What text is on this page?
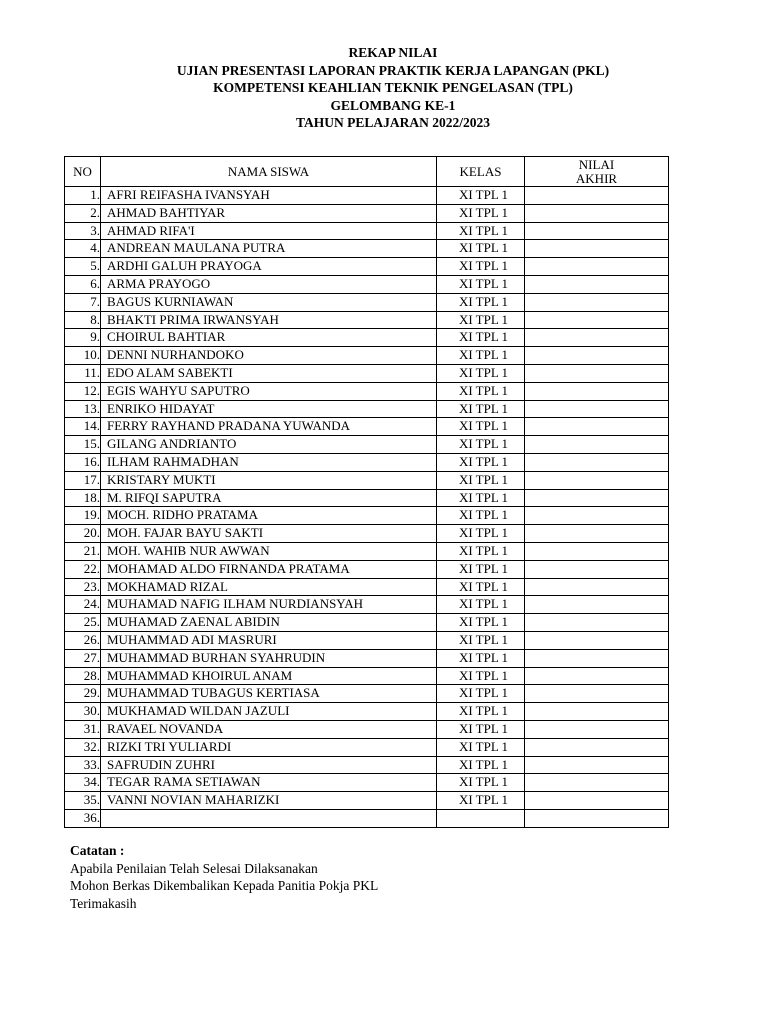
REKAP NILAI
UJIAN PRESENTASI LAPORAN PRAKTIK KERJA LAPANGAN (PKL)
KOMPETENSI KEAHLIAN TEKNIK PENGELASAN (TPL)
GELOMBANG KE-1
TAHUN PELAJARAN 2022/2023
NO	NAMA SISWA	KELAS	NILAI
AKHIR

1.	AFRI REIFASHA IVANSYAH	XI TPL 1	
2.	AHMAD BAHTIYAR	XI TPL 1	
3.	AHMAD RIFA'I	XI TPL 1	
4.	ANDREAN MAULANA PUTRA	XI TPL 1	
5.	ARDHI GALUH PRAYOGA	XI TPL 1	
6.	ARMA PRAYOGO	XI TPL 1	
7.	BAGUS KURNIAWAN	XI TPL 1	
8.	BHAKTI PRIMA IRWANSYAH	XI TPL 1	
9.	CHOIRUL BAHTIAR	XI TPL 1	
10.	DENNI NURHANDOKO	XI TPL 1	
11.	EDO ALAM SABEKTI	XI TPL 1	
12.	EGIS WAHYU SAPUTRO	XI TPL 1	
13.	ENRIKO HIDAYAT	XI TPL 1	
14.	FERRY RAYHAND PRADANA YUWANDA	XI TPL 1	
15.	GILANG ANDRIANTO	XI TPL 1	
16.	ILHAM RAHMADHAN	XI TPL 1	
17.	KRISTARY MUKTI	XI TPL 1	
18.	M. RIFQI SAPUTRA	XI TPL 1	
19.	MOCH. RIDHO PRATAMA	XI TPL 1	
20.	MOH. FAJAR BAYU SAKTI	XI TPL 1	
21.	MOH. WAHIB NUR AWWAN	XI TPL 1	
22.	MOHAMAD ALDO FIRNANDA PRATAMA	XI TPL 1	
23.	MOKHAMAD RIZAL	XI TPL 1	
24.	MUHAMAD NAFIG ILHAM NURDIANSYAH	XI TPL 1	
25.	MUHAMAD ZAENAL ABIDIN	XI TPL 1	
26.	MUHAMMAD ADI MASRURI	XI TPL 1	
27.	MUHAMMAD BURHAN SYAHRUDIN	XI TPL 1	
28.	MUHAMMAD KHOIRUL ANAM	XI TPL 1	
29.	MUHAMMAD TUBAGUS KERTIASA	XI TPL 1	
30.	MUKHAMAD WILDAN JAZULI	XI TPL 1	
31.	RAVAEL NOVANDA	XI TPL 1	
32.	RIZKI TRI YULIARDI	XI TPL 1	
33.	SAFRUDIN ZUHRI	XI TPL 1	
34.	TEGAR RAMA SETIAWAN	XI TPL 1	
35.	VANNI NOVIAN MAHARIZKI	XI TPL 1	
36.			
Catatan :
Apabila Penilaian Telah Selesai Dilaksanakan
Mohon Berkas Dikembalikan Kepada Panitia Pokja PKL
Terimakasih
